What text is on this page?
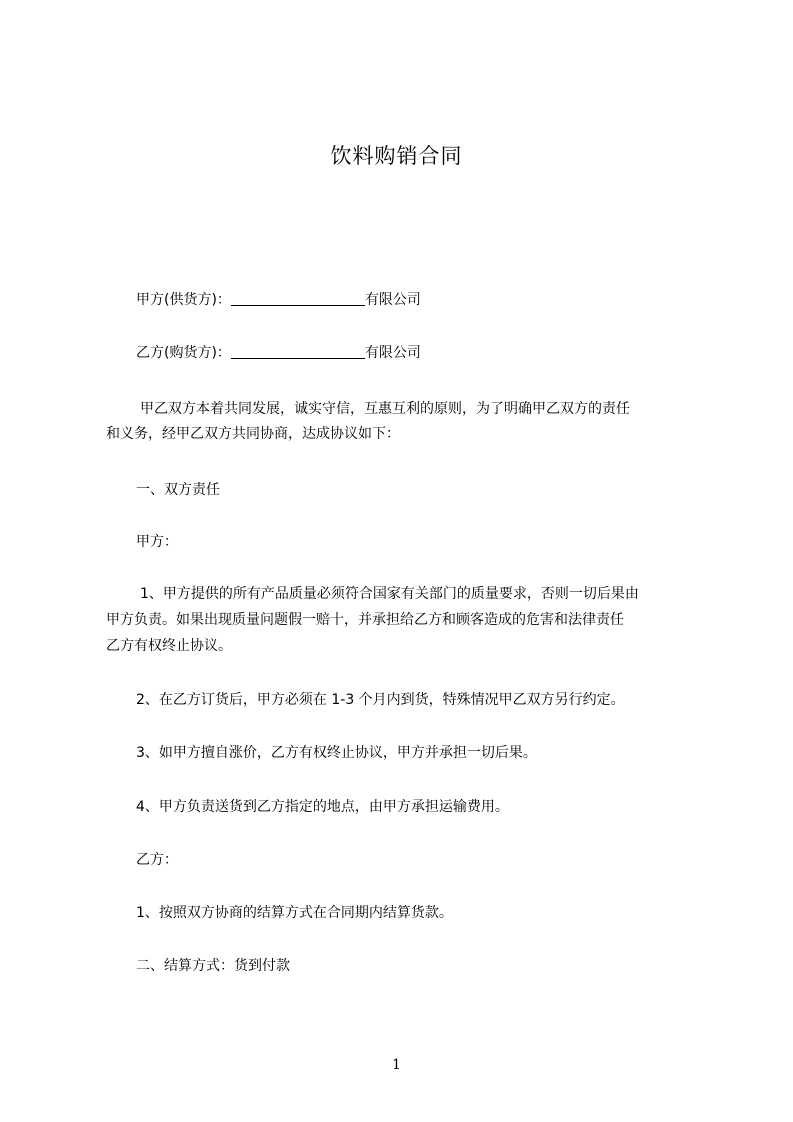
饮料购销合同
甲方(供货方)：	有限公司
乙方(购货方)：	有限公司
甲乙双方本着共同发展，诚实守信，互惠互利的原则，为了明确甲乙双方的责任
和义务，经甲乙双方共同协商，达成协议如下：
一、双方责任
甲方：
1、甲方提供的所有产品质量必须符合国家有关部门的质量要求，否则一切后果由
甲方负责。如果出现质量问题假一赔十，并承担给乙方和顾客造成的危害和法律责任
乙方有权终止协议。
2、在乙方订货后，甲方必须在 1-3 个月内到货，特殊情况甲乙双方另行约定。
3、如甲方擅自涨价，乙方有权终止协议，甲方并承担一切后果。
4、甲方负责送货到乙方指定的地点，由甲方承担运输费用。
乙方：
1、按照双方协商的结算方式在合同期内结算货款。
二、结算方式：货到付款
1
